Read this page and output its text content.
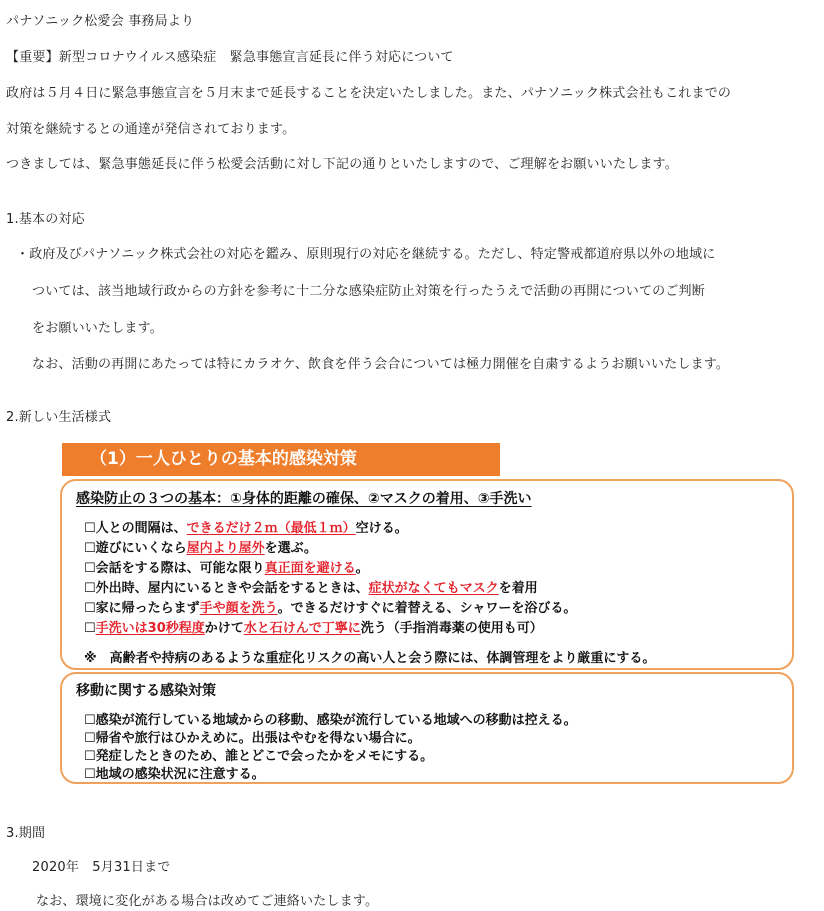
パナソニック松愛会 事務局より
【重要】新型コロナウイルス感染症　緊急事態宣言延長に伴う対応について
政府は５月４日に緊急事態宣言を５月末まで延長することを決定いたしました。また、パナソニック株式会社もこれまでの
対策を継続するとの通達が発信されております。
つきましては、緊急事態延長に伴う松愛会活動に対し下記の通りといたしますので、ご理解をお願いいたします。
1.基本の対応
・政府及びパナソニック株式会社の対応を鑑み、原則現行の対応を継続する。ただし、特定警戒都道府県以外の地域に
ついては、該当地域行政からの方針を参考に十二分な感染症防止対策を行ったうえで活動の再開についてのご判断
をお願いいたします。
なお、活動の再開にあたっては特にカラオケ、飲食を伴う会合については極力開催を自粛するようお願いいたします。
2.新しい生活様式
（1）一人ひとりの基本的感染対策
感染防止の３つの基本：①身体的距離の確保、②マスクの着用、③手洗い
☐人との間隔は、できるだけ２ｍ（最低１ｍ）空ける。
☐遊びにいくなら屋内より屋外を選ぶ。
☐会話をする際は、可能な限り真正面を避ける。
☐外出時、屋内にいるときや会話をするときは、症状がなくてもマスクを着用
☐家に帰ったらまず手や顔を洗う。できるだけすぐに着替える、シャワーを浴びる。
☐手洗いは30秒程度かけて水と石けんで丁寧に洗う（手指消毒薬の使用も可）
※　高齢者や持病のあるような重症化リスクの高い人と会う際には、体調管理をより厳重にする。
移動に関する感染対策
☐感染が流行している地域からの移動、感染が流行している地域への移動は控える。
☐帰省や旅行はひかえめに。出張はやむを得ない場合に。
☐発症したときのため、誰とどこで会ったかをメモにする。
☐地域の感染状況に注意する。
3.期間
2020年　5月31日まで
なお、環境に変化がある場合は改めてご連絡いたします。
